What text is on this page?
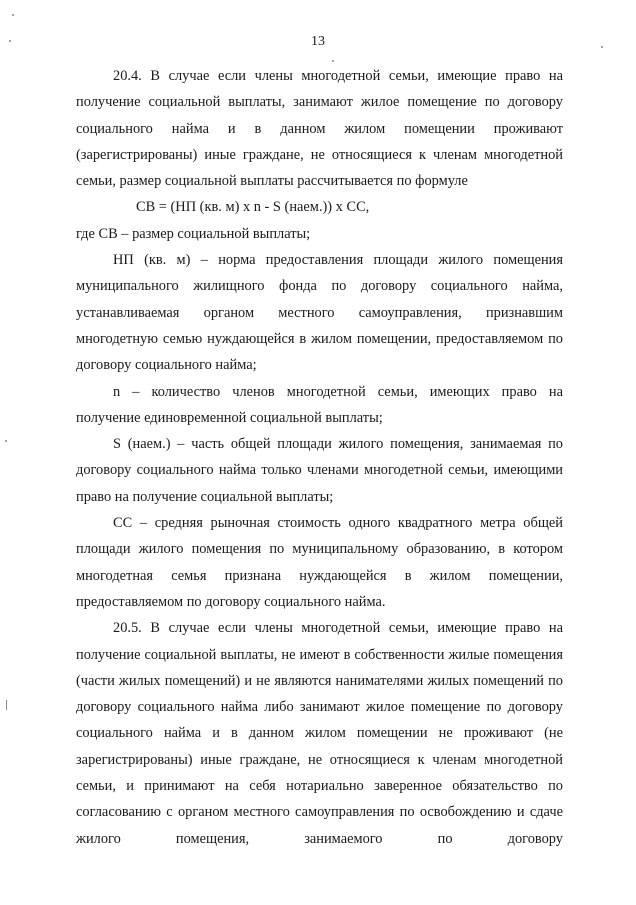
13

20.4. В случае если члены многодетной семьи, имеющие право на получение социальной выплаты, занимают жилое помещение по договору социального найма и в данном жилом помещении проживают (зарегистрированы) иные граждане, не относящиеся к членам многодетной семьи, размер социальной выплаты рассчитывается по формуле

СВ = (НП (кв. м) x n - S (наем.)) x СС,

где СВ – размер социальной выплаты;

НП (кв. м) – норма предоставления площади жилого помещения муниципального жилищного фонда по договору социального найма, устанавливаемая органом местного самоуправления, признавшим многодетную семью нуждающейся в жилом помещении, предоставляемом по договору социального найма;

n – количество членов многодетной семьи, имеющих право на получение единовременной социальной выплаты;

S (наем.) – часть общей площади жилого помещения, занимаемая по договору социального найма только членами многодетной семьи, имеющими право на получение социальной выплаты;

СС – средняя рыночная стоимость одного квадратного метра общей площади жилого помещения по муниципальному образованию, в котором многодетная семья признана нуждающейся в жилом помещении, предоставляемом по договору социального найма.

20.5. В случае если члены многодетной семьи, имеющие право на получение социальной выплаты, не имеют в собственности жилые помещения (части жилых помещений) и не являются нанимателями жилых помещений по договору социального найма либо занимают жилое помещение по договору социального найма и в данном жилом помещении не проживают (не зарегистрированы) иные граждане, не относящиеся к членам многодетной семьи, и принимают на себя нотариально заверенное обязательство по согласованию с органом местного самоуправления по освобождению и сдаче жилого помещения, занимаемого по договору
